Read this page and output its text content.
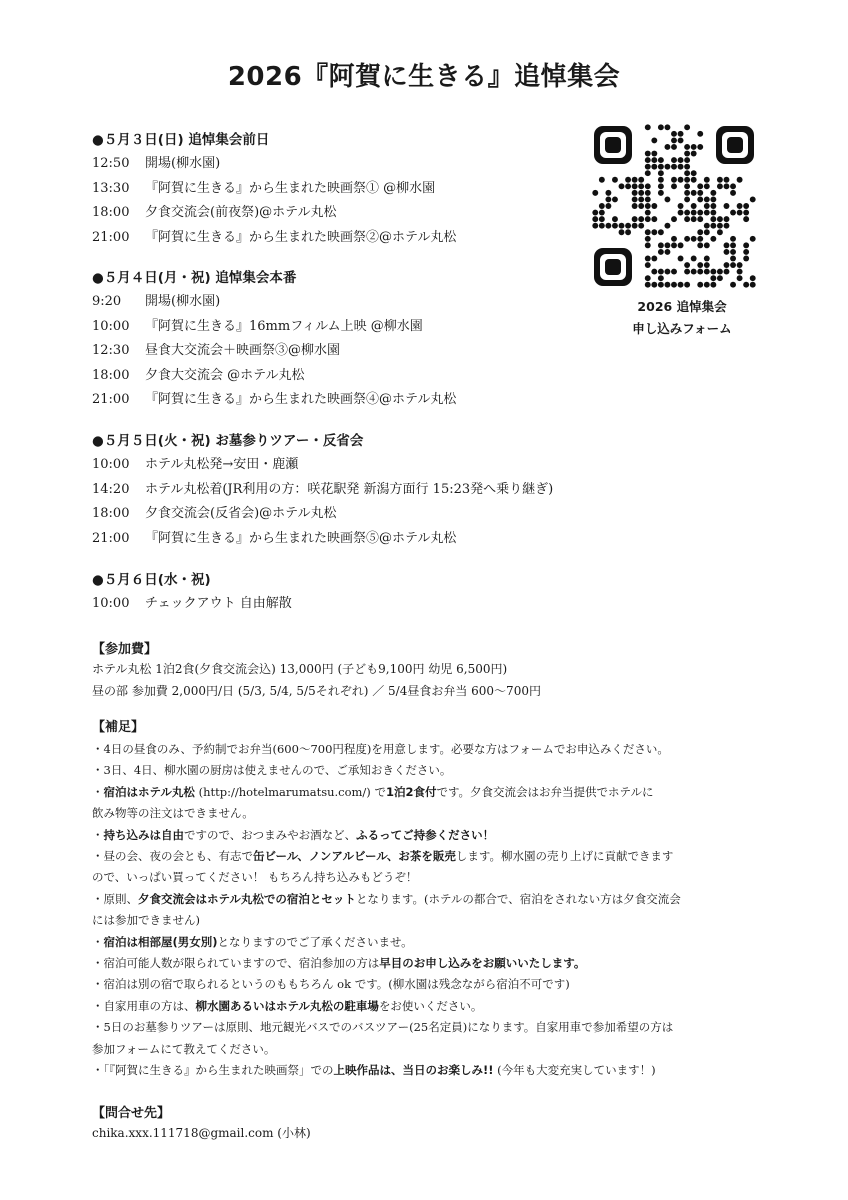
2026『阿賀に生きる』追悼集会
●５月３日(日) 追悼集会前日
12:50	開場(柳水園)
13:30	『阿賀に生きる』から生まれた映画祭① @柳水園
18:00	夕食交流会(前夜祭)@ホテル丸松
21:00	『阿賀に生きる』から生まれた映画祭②@ホテル丸松
●５月４日(月・祝) 追悼集会本番
9:20	開場(柳水園)
10:00	『阿賀に生きる』16mmフィルム上映 @柳水園
12:30	昼食大交流会＋映画祭③@柳水園
18:00	夕食大交流会 @ホテル丸松
21:00	『阿賀に生きる』から生まれた映画祭④@ホテル丸松
●５月５日(火・祝) お墓参りツアー・反省会
10:00	ホテル丸松発→安田・鹿瀬
14:20	ホテル丸松着(JR利用の方：咲花駅発 新潟方面行 15:23発へ乗り継ぎ)
18:00	夕食交流会(反省会)@ホテル丸松
21:00	『阿賀に生きる』から生まれた映画祭⑤@ホテル丸松
●５月６日(水・祝)
10:00	チェックアウト 自由解散
2026 追悼集会
申し込みフォーム
【参加費】
ホテル丸松 1泊2食(夕食交流会込) 13,000円 (子ども9,100円 幼児 6,500円)
昼の部 参加費 2,000円/日 (5/3, 5/4, 5/5それぞれ) ／ 5/4昼食お弁当 600〜700円
【補足】
・4日の昼食のみ、予約制でお弁当(600〜700円程度)を用意します。必要な方はフォームでお申込みください。
・3日、4日、柳水園の厨房は使えませんので、ご承知おきください。
・宿泊はホテル丸松 (http://hotelmarumatsu.com/) で1泊2食付です。夕食交流会はお弁当提供でホテルに
飲み物等の注文はできません。
・持ち込みは自由ですので、おつまみやお酒など、ふるってご持参ください！
・昼の会、夜の会とも、有志で缶ビール、ノンアルビール、お茶を販売します。柳水園の売り上げに貢献できます
ので、いっぱい買ってください！ もちろん持ち込みもどうぞ！
・原則、夕食交流会はホテル丸松での宿泊とセットとなります。(ホテルの都合で、宿泊をされない方は夕食交流会
には参加できません)
・宿泊は相部屋(男女別)となりますのでご了承くださいませ。
・宿泊可能人数が限られていますので、宿泊参加の方は早目のお申し込みをお願いいたします。
・宿泊は別の宿で取られるというのももちろん ok です。(柳水園は残念ながら宿泊不可です)
・自家用車の方は、柳水園あるいはホテル丸松の駐車場をお使いください。
・5日のお墓参りツアーは原則、地元観光バスでのバスツアー(25名定員)になります。自家用車で参加希望の方は
参加フォームにて教えてください。
・「『阿賀に生きる』から生まれた映画祭」での上映作品は、当日のお楽しみ!! (今年も大変充実しています！)
【問合せ先】
chika.xxx.111718@gmail.com (小林)
